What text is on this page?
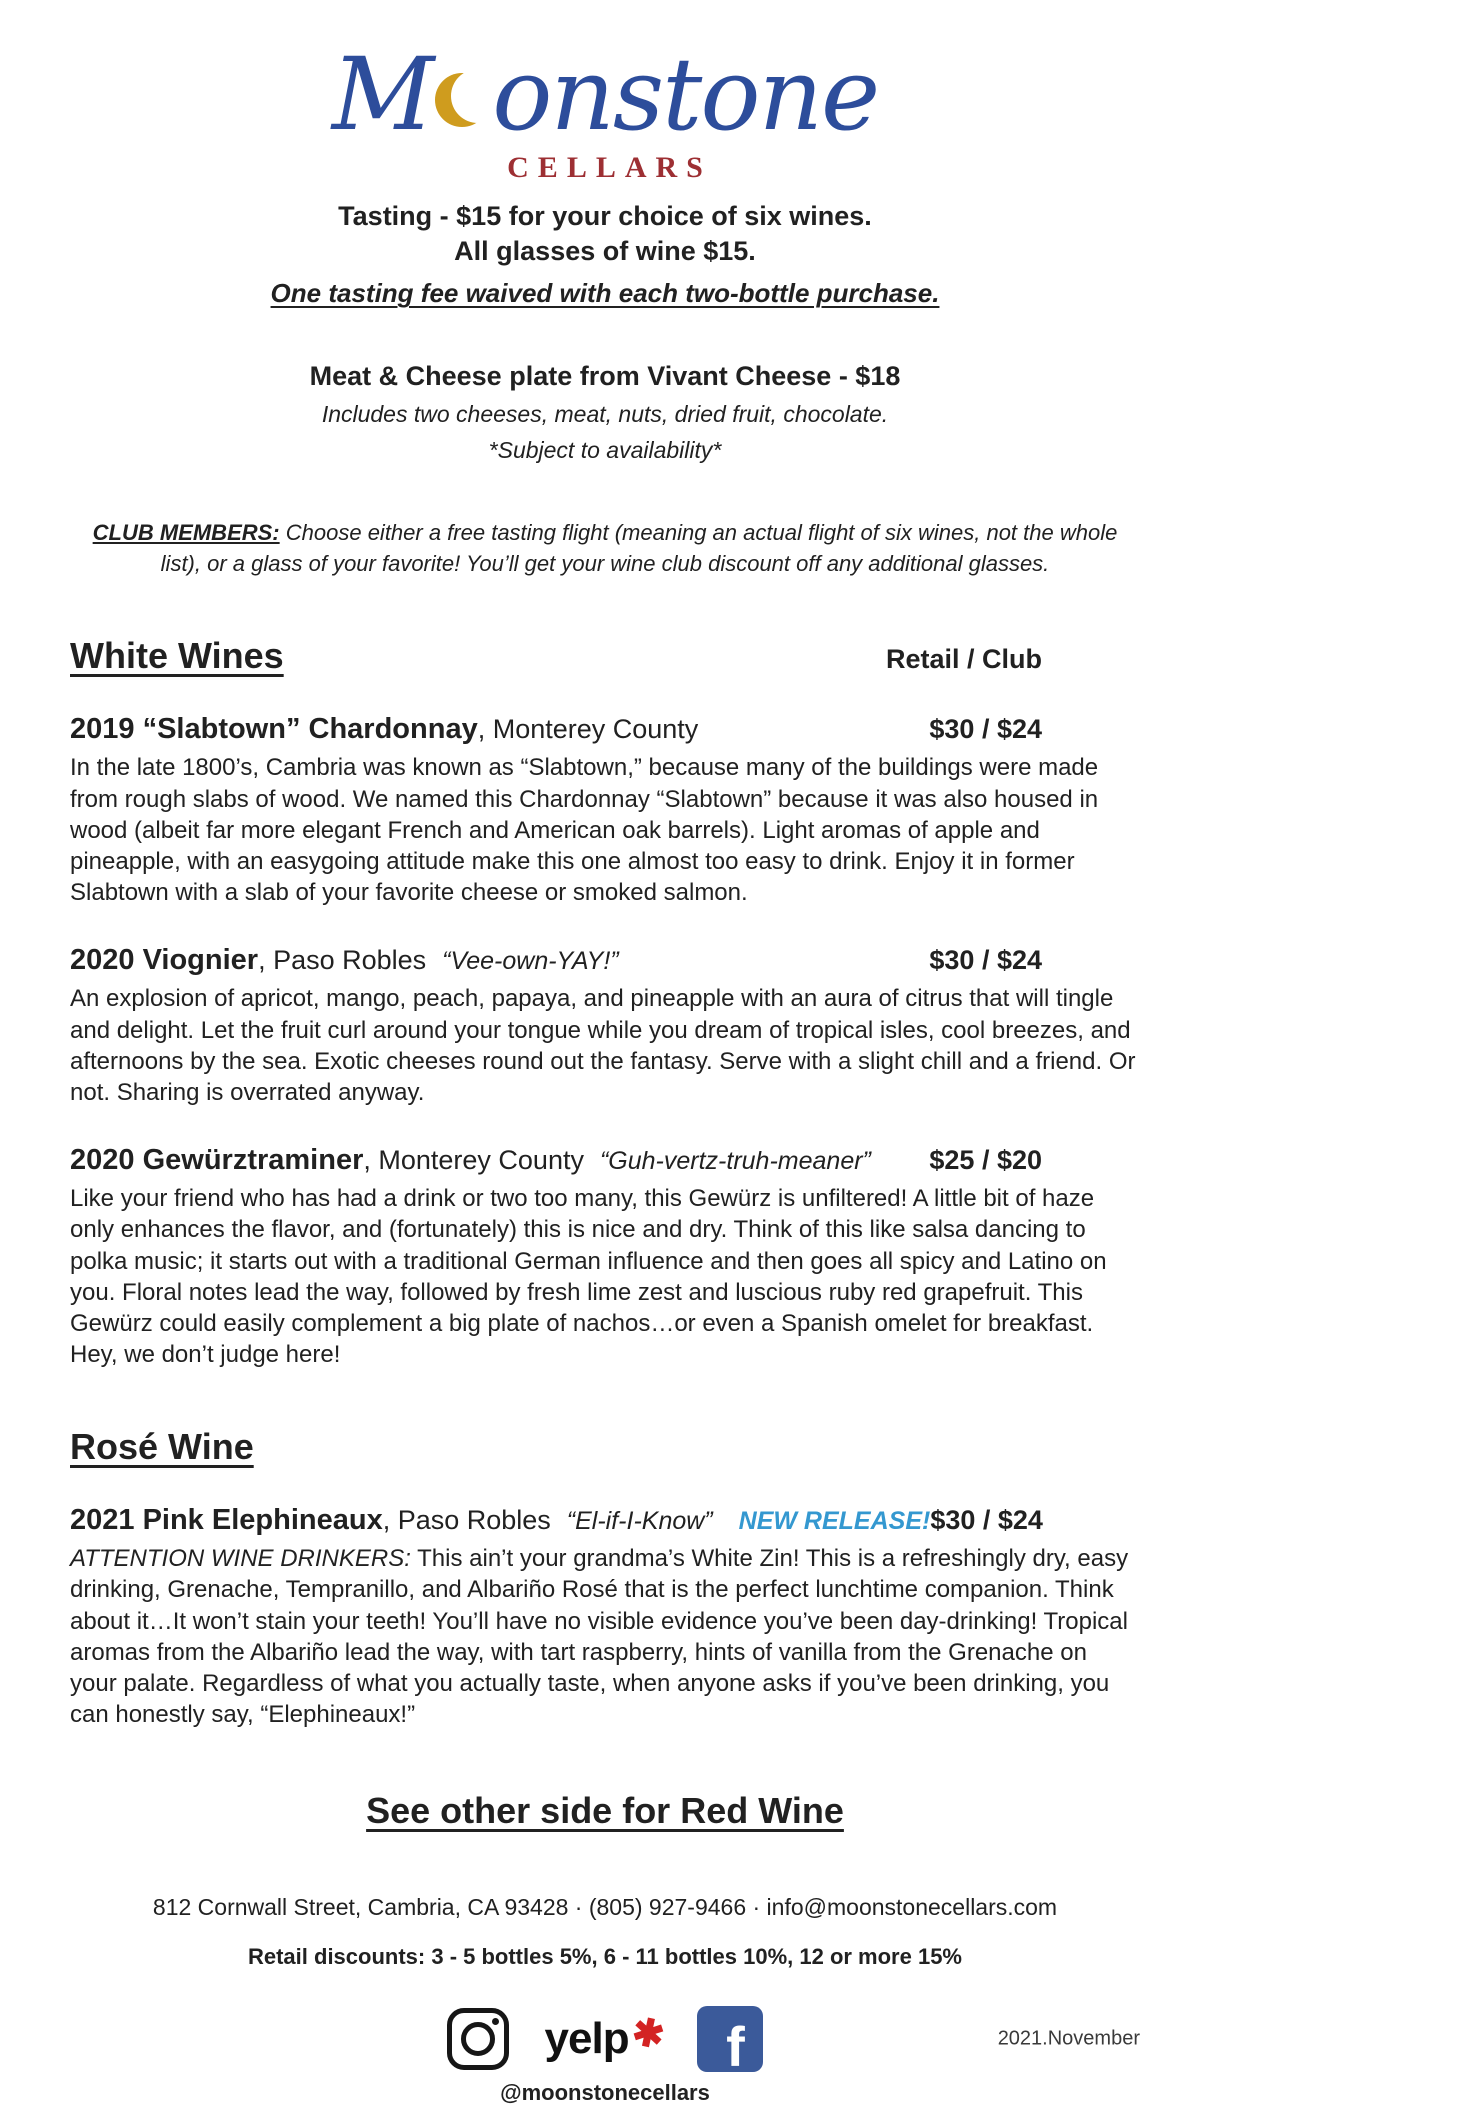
M onstone
CELLARS

Tasting - $15 for your choice of six wines.

All glasses of wine $15.

One tasting fee waived with each two-bottle purchase.

Meat & Cheese plate from Vivant Cheese - $18

Includes two cheeses, meat, nuts, dried fruit, chocolate.

*Subject to availability*

CLUB MEMBERS: Choose either a free tasting flight (meaning an actual flight of six wines, not the whole list), or a glass of your favorite! You’ll get your wine club discount off any additional glasses.

White Wines	Retail / Club
2019 “Slabtown” Chardonnay, Monterey County	$30 / $24

In the late 1800’s, Cambria was known as “Slabtown,” because many of the buildings were made from rough slabs of wood. We named this Chardonnay “Slabtown” because it was also housed in wood (albeit far more elegant French and American oak barrels). Light aromas of apple and pineapple, with an easygoing attitude make this one almost too easy to drink. Enjoy it in former Slabtown with a slab of your favorite cheese or smoked salmon.

2020 Viognier, Paso Robles “Vee-own-YAY!”	$30 / $24

An explosion of apricot, mango, peach, papaya, and pineapple with an aura of citrus that will tingle and delight. Let the fruit curl around your tongue while you dream of tropical isles, cool breezes, and afternoons by the sea. Exotic cheeses round out the fantasy. Serve with a slight chill and a friend. Or not. Sharing is overrated anyway.

2020 Gewürztraminer, Monterey County “Guh-vertz-truh-meaner” $25 / $20

Like your friend who has had a drink or two too many, this Gewürz is unfiltered! A little bit of haze only enhances the flavor, and (fortunately) this is nice and dry. Think of this like salsa dancing to polka music; it starts out with a traditional German influence and then goes all spicy and Latino on you. Floral notes lead the way, followed by fresh lime zest and luscious ruby red grapefruit. This Gewürz could easily complement a big plate of nachos…or even a Spanish omelet for breakfast. Hey, we don’t judge here!

Rosé Wine
2021 Pink Elephineaux, Paso Robles “El-if-I-Know” NEW RELEASE! $30 / $24

ATTENTION WINE DRINKERS: This ain’t your grandma’s White Zin! This is a refreshingly dry, easy drinking, Grenache, Tempranillo, and Albariño Rosé that is the perfect lunchtime companion. Think about it…It won’t stain your teeth! You’ll have no visible evidence you’ve been day-drinking! Tropical aromas from the Albariño lead the way, with tart raspberry, hints of vanilla from the Grenache on your palate. Regardless of what you actually taste, when anyone asks if you’ve been drinking, you can honestly say, “Elephineaux!”

See other side for Red Wine

812 Cornwall Street, Cambria, CA 93428 · (805) 927-9466 · info@moonstonecellars.com

Retail discounts: 3 - 5 bottles 5%, 6 - 11 bottles 10%, 12 or more 15%

yelp ✱ f	2021.November

@moonstonecellars
